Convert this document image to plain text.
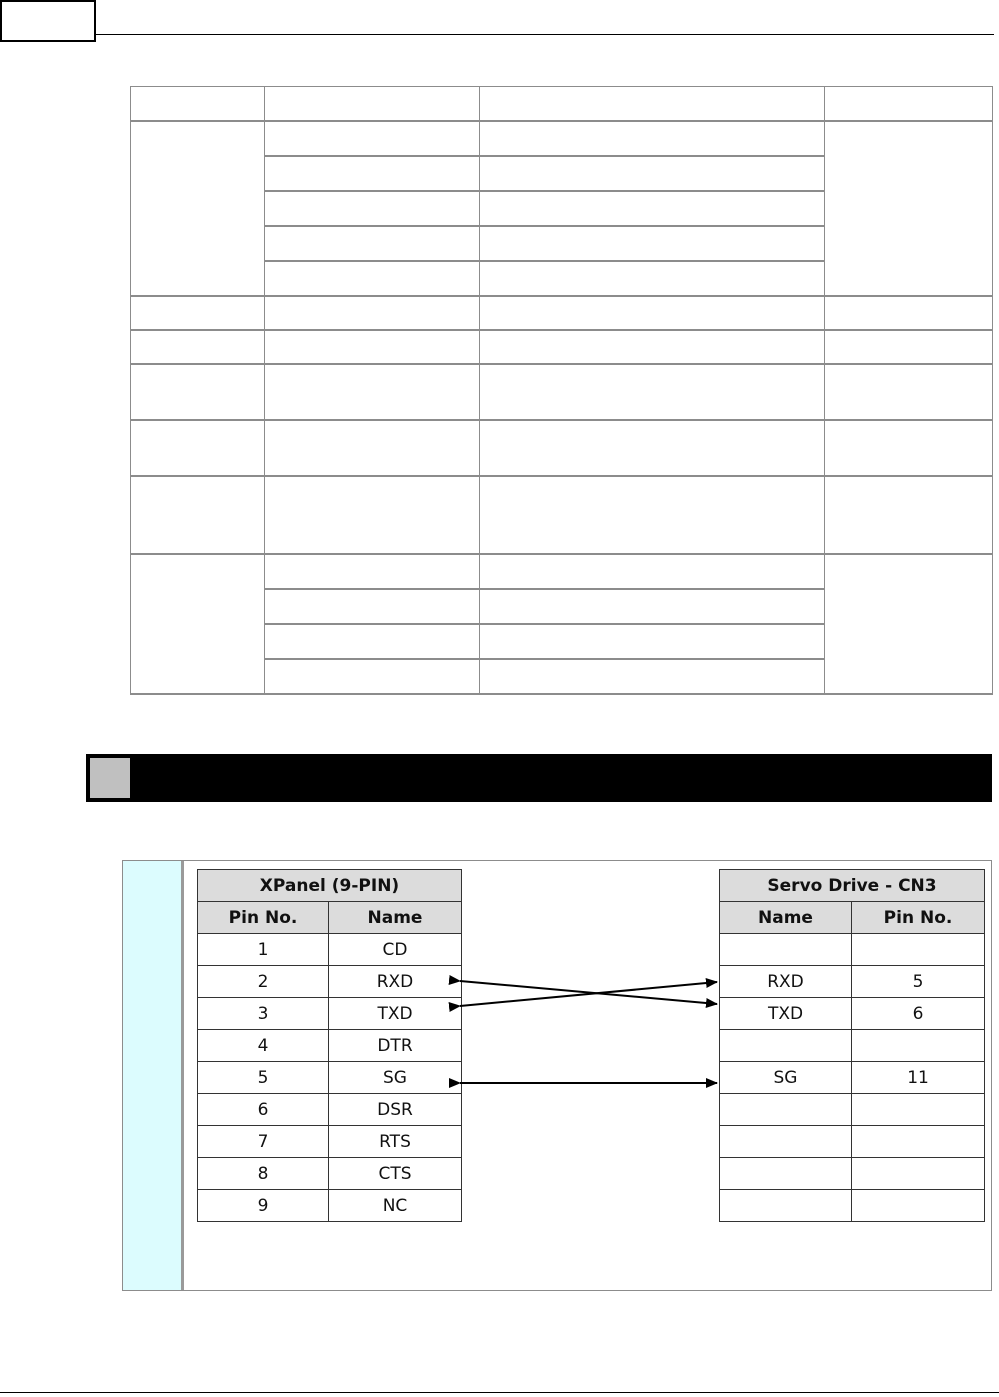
XPanel (9-PIN)	
Pin No.	Name
1	CD
2	RXD
3	TXD
4	DTR
5	SG
6	DSR
7	RTS
8	CTS
9	NC
Servo Drive - CN3	
Name	Pin No.

RXD	5
TXD	6

SG	11
